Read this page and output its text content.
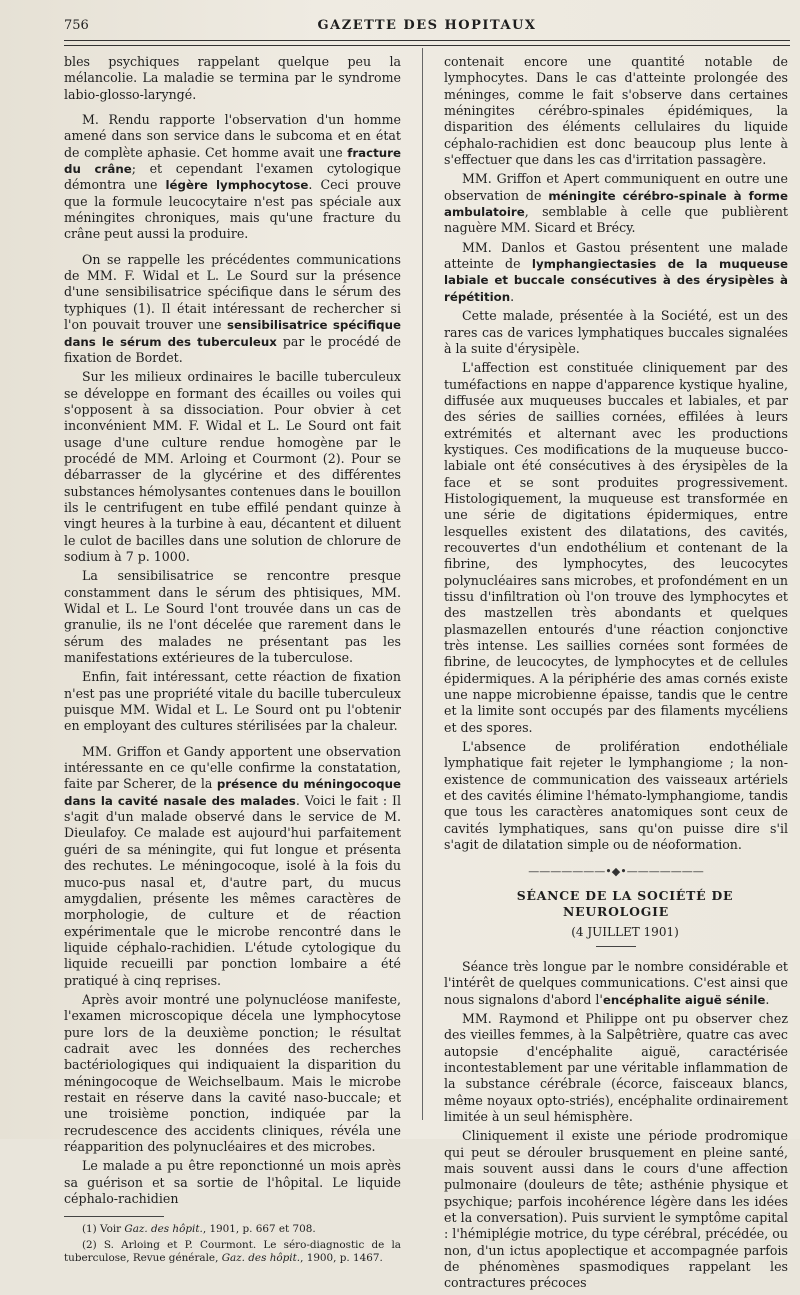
756	GAZETTE DES HOPITAUX

bles psychiques rappelant quelque peu la mélancolie. La maladie se termina par le syndrome labio-glosso-laryngé.

M. Rendu rapporte l'observation d'un homme amené dans son service dans le subcoma et en état de complète aphasie. Cet homme avait une fracture du crâne; et cependant l'examen cytologique démontra une légère lymphocytose. Ceci prouve que la formule leucocytaire n'est pas spéciale aux méningites chroniques, mais qu'une fracture du crâne peut aussi la produire.

On se rappelle les précédentes communications de MM. F. Widal et L. Le Sourd sur la présence d'une sensibilisatrice spécifique dans le sérum des typhiques (1). Il était intéressant de rechercher si l'on pouvait trouver une sensibilisatrice spécifique dans le sérum des tuberculeux par le procédé de fixation de Bordet.

Sur les milieux ordinaires le bacille tuberculeux se développe en formant des écailles ou voiles qui s'opposent à sa dissociation. Pour obvier à cet inconvénient MM. F. Widal et L. Le Sourd ont fait usage d'une culture rendue homogène par le procédé de MM. Arloing et Courmont (2). Pour se débarrasser de la glycérine et des différentes substances hémolysantes contenues dans le bouillon ils le centrifugent en tube effilé pendant quinze à vingt heures à la turbine à eau, décantent et diluent le culot de bacilles dans une solution de chlorure de sodium à 7 p. 1000.

La sensibilisatrice se rencontre presque constamment dans le sérum des phtisiques, MM. Widal et L. Le Sourd l'ont trouvée dans un cas de granulie, ils ne l'ont décelée que rarement dans le sérum des malades ne présentant pas les manifestations extérieures de la tuberculose.

Enfin, fait intéressant, cette réaction de fixation n'est pas une propriété vitale du bacille tuberculeux puisque MM. Widal et L. Le Sourd ont pu l'obtenir en employant des cultures stérilisées par la chaleur.

MM. Griffon et Gandy apportent une observation intéressante en ce qu'elle confirme la constatation, faite par Scherer, de la présence du méningocoque dans la cavité nasale des malades. Voici le fait : Il s'agit d'un malade observé dans le service de M. Dieulafoy. Ce malade est aujourd'hui parfaitement guéri de sa méningite, qui fut longue et présenta des rechutes. Le méningocoque, isolé à la fois du muco-pus nasal et, d'autre part, du mucus amygdalien, présente les mêmes caractères de morphologie, de culture et de réaction expérimentale que le microbe rencontré dans le liquide céphalo-rachidien. L'étude cytologique du liquide recueilli par ponction lombaire a été pratiqué à cinq reprises.

Après avoir montré une polynucléose manifeste, l'examen microscopique décela une lymphocytose pure lors de la deuxième ponction; le résultat cadrait avec les données des recherches bactériologiques qui indiquaient la disparition du méningocoque de Weichselbaum. Mais le microbe restait en réserve dans la cavité naso-buccale; et une troisième ponction, indiquée par la recrudescence des accidents cliniques, révéla une réapparition des polynucléaires et des microbes.

Le malade a pu être reponctionné un mois après sa guérison et sa sortie de l'hôpital. Le liquide céphalo-rachidien

(1) Voir Gaz. des hôpit., 1901, p. 667 et 708.

(2) S. Arloing et P. Courmont. Le séro-diagnostic de la tuberculose, Revue générale, Gaz. des hôpit., 1900, p. 1467.

contenait encore une quantité notable de lymphocytes. Dans le cas d'atteinte prolongée des méninges, comme le fait s'observe dans certaines méningites cérébro-spinales épidémiques, la disparition des éléments cellulaires du liquide céphalo-rachidien est donc beaucoup plus lente à s'effectuer que dans les cas d'irritation passagère.

MM. Griffon et Apert communiquent en outre une observation de méningite cérébro-spinale à forme ambulatoire, semblable à celle que publièrent naguère MM. Sicard et Brécy.

MM. Danlos et Gastou présentent une malade atteinte de lymphangiectasies de la muqueuse labiale et buccale consécutives à des érysipèles à répétition.

Cette malade, présentée à la Société, est un des rares cas de varices lymphatiques buccales signalées à la suite d'érysipèle.

L'affection est constituée cliniquement par des tuméfactions en nappe d'apparence kystique hyaline, diffusée aux muqueuses buccales et labiales, et par des séries de saillies cornées, effilées à leurs extrémités et alternant avec les productions kystiques. Ces modifications de la muqueuse bucco-labiale ont été consécutives à des érysipèles de la face et se sont produites progressivement. Histologiquement, la muqueuse est transformée en une série de digitations épidermiques, entre lesquelles existent des dilatations, des cavités, recouvertes d'un endothélium et contenant de la fibrine, des lymphocytes, des leucocytes polynucléaires sans microbes, et profondément en un tissu d'infiltration où l'on trouve des lymphocytes et des mastzellen très abondants et quelques plasmazellen entourés d'une réaction conjonctive très intense. Les saillies cornées sont formées de fibrine, de leucocytes, de lymphocytes et de cellules épidermiques. A la périphérie des amas cornés existe une nappe microbienne épaisse, tandis que le centre et la limite sont occupés par des filaments mycéliens et des spores.

L'absence de prolifération endothéliale lymphatique fait rejeter le lymphangiome ; la non-existence de communication des vaisseaux artériels et des cavités élimine l'hémato-lymphangiome, tandis que tous les caractères anatomiques sont ceux de cavités lymphatiques, sans qu'on puisse dire s'il s'agit de dilatation simple ou de néoformation.

———————•◆•———————

SÉANCE DE LA SOCIÉTÉ DE NEUROLOGIE

(4 JUILLET 1901)

Séance très longue par le nombre considérable et l'intérêt de quelques communications. C'est ainsi que nous signalons d'abord l'encéphalite aiguë sénile.

MM. Raymond et Philippe ont pu observer chez des vieilles femmes, à la Salpêtrière, quatre cas avec autopsie d'encéphalite aiguë, caractérisée incontestablement par une véritable inflammation de la substance cérébrale (écorce, faisceaux blancs, même noyaux opto-striés), encéphalite ordinairement limitée à un seul hémisphère.

Cliniquement il existe une période prodromique qui peut se dérouler brusquement en pleine santé, mais souvent aussi dans le cours d'une affection pulmonaire (douleurs de tête; asthénie physique et psychique; parfois incohérence légère dans les idées et la conversation). Puis survient le symptôme capital : l'hémiplégie motrice, du type cérébral, précédée, ou non, d'un ictus apoplectique et accompagnée parfois de phénomènes spasmodiques rappelant les contractures précoces
